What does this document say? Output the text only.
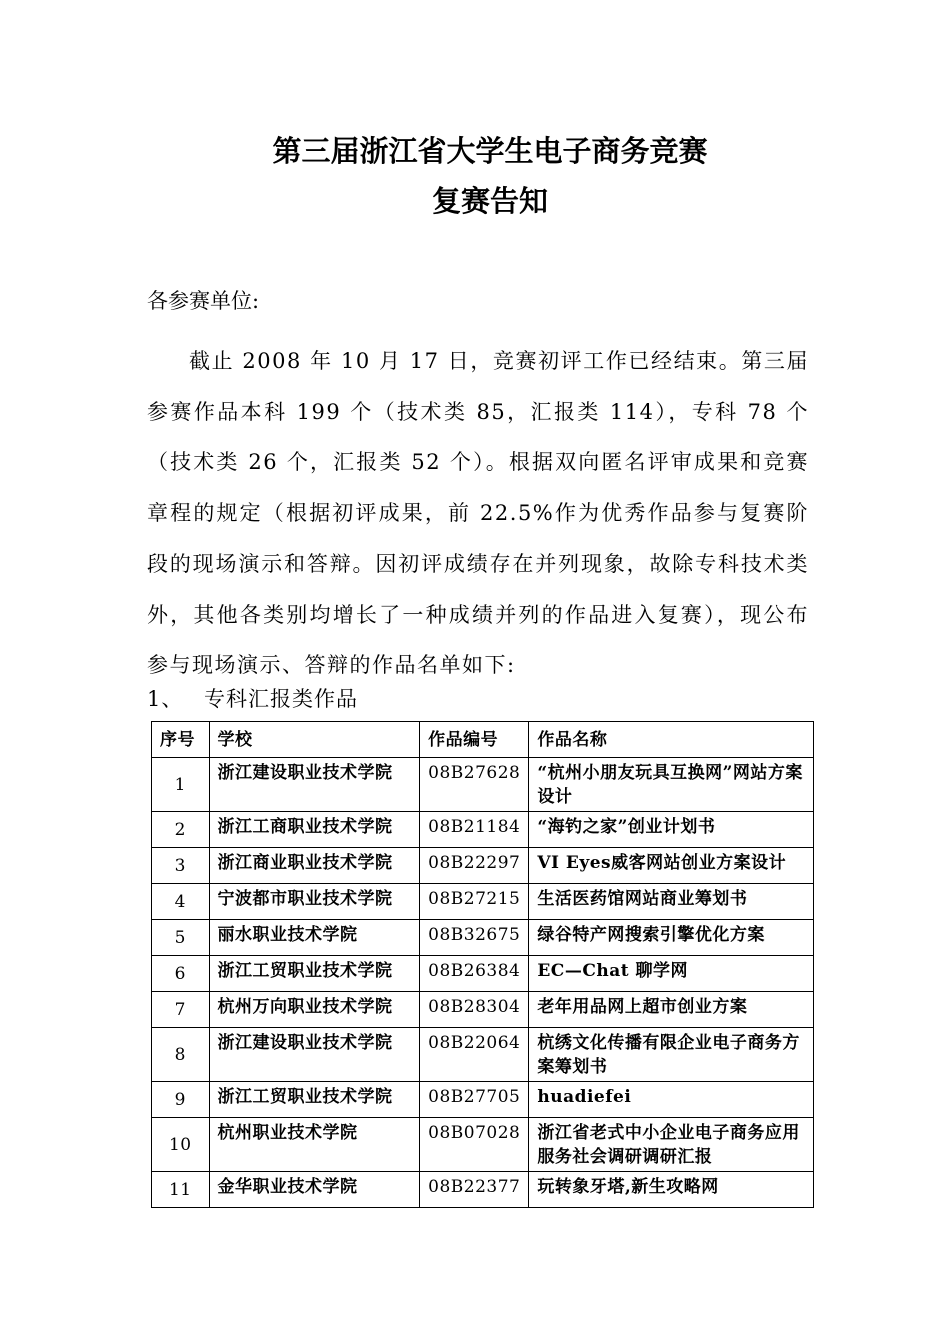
第三届浙江省大学生电子商务竞赛
复赛告知
各参赛单位:

截止 2008 年 10 月 17 日，竞赛初评工作已经结束。第三届参赛作品本科 199 个（技术类 85，汇报类 114），专科 78 个（技术类 26 个，汇报类 52 个）。根据双向匿名评审成果和竞赛章程的规定（根据初评成果，前 22.5%作为优秀作品参与复赛阶段的现场演示和答辩。因初评成绩存在并列现象，故除专科技术类外，其他各类别均增长了一种成绩并列的作品进入复赛），现公布参与现场演示、答辩的作品名单如下:

1、 专科汇报类作品
序号	学校	作品编号	作品名称
1	浙江建设职业技术学院	08B27628	“杭州小朋友玩具互换网”网站方案设计
2	浙江工商职业技术学院	08B21184	“海钓之家”创业计划书
3	浙江商业职业技术学院	08B22297	VI Eyes威客网站创业方案设计
4	宁波都市职业技术学院	08B27215	生活医药馆网站商业筹划书
5	丽水职业技术学院	08B32675	绿谷特产网搜索引擎优化方案
6	浙江工贸职业技术学院	08B26384	EC—Chat 聊学网
7	杭州万向职业技术学院	08B28304	老年用品网上超市创业方案
8	浙江建设职业技术学院	08B22064	杭绣文化传播有限企业电子商务方案筹划书
9	浙江工贸职业技术学院	08B27705	huadiefei
10	杭州职业技术学院	08B07028	浙江省老式中小企业电子商务应用服务社会调研调研汇报
11	金华职业技术学院	08B22377	玩转象牙塔,新生攻略网
